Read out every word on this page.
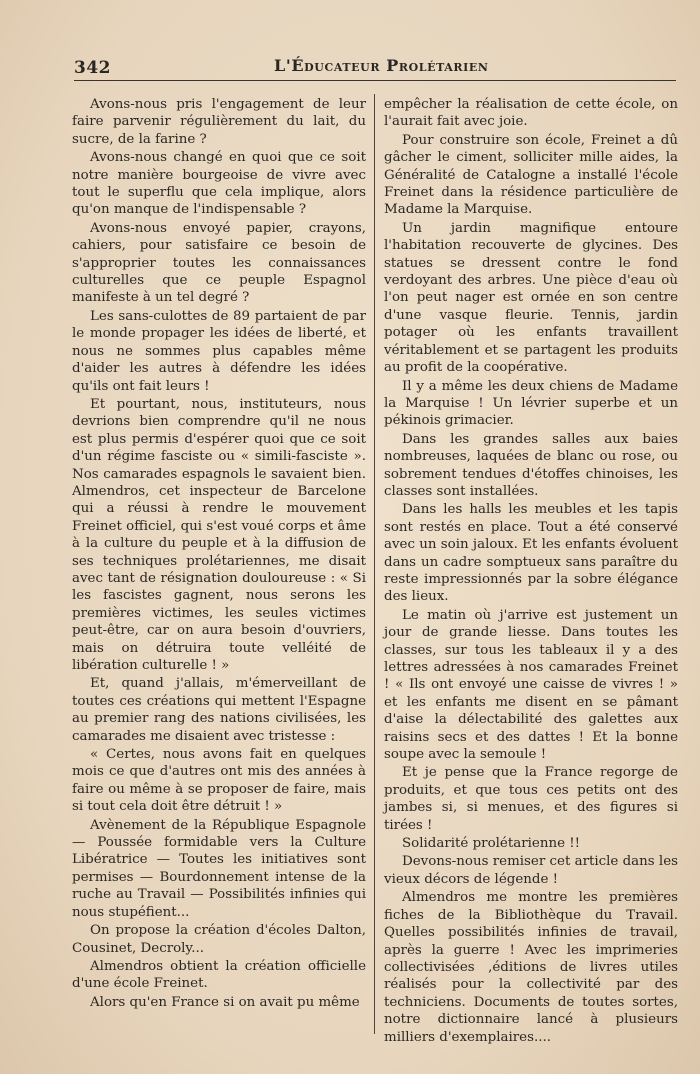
342	L'Éducateur Prolétarien

Avons-nous pris l'engagement de leur faire parvenir régulièrement du lait, du sucre, de la farine ?

Avons-nous changé en quoi que ce soit notre manière bourgeoise de vivre avec tout le superflu que cela implique, alors qu'on manque de l'indispensable ?

Avons-nous envoyé papier, crayons, cahiers, pour satisfaire ce besoin de s'approprier toutes les connaissances culturelles que ce peuple Espagnol manifeste à un tel degré ?

Les sans-culottes de 89 partaient de par le monde propager les idées de liberté, et nous ne sommes plus capables même d'aider les autres à défendre les idées qu'ils ont fait leurs !

Et pourtant, nous, instituteurs, nous devrions bien comprendre qu'il ne nous est plus permis d'espérer quoi que ce soit d'un régime fasciste ou « simili-fasciste ». Nos camarades espagnols le savaient bien. Almendros, cet inspecteur de Barcelone qui a réussi à rendre le mouvement Freinet officiel, qui s'est voué corps et âme à la culture du peuple et à la diffusion de ses techniques prolétariennes, me disait avec tant de résignation douloureuse : « Si les fascistes gagnent, nous serons les premières victimes, les seules victimes peut-être, car on aura besoin d'ouvriers, mais on détruira toute velléité de libération culturelle ! »

Et, quand j'allais, m'émerveillant de toutes ces créations qui mettent l'Espagne au premier rang des nations civilisées, les camarades me disaient avec tristesse :

« Certes, nous avons fait en quelques mois ce que d'autres ont mis des années à faire ou même à se proposer de faire, mais si tout cela doit être détruit ! »

Avènement de la République Espagnole — Poussée formidable vers la Culture Libératrice — Toutes les initiatives sont permises — Bourdonnement intense de la ruche au Travail — Possibilités infinies qui nous stupéfient...

On propose la création d'écoles Dalton, Cousinet, Decroly...

Almendros obtient la création officielle d'une école Freinet.

Alors qu'en France si on avait pu même

empêcher la réalisation de cette école, on l'aurait fait avec joie.

Pour construire son école, Freinet a dû gâcher le ciment, solliciter mille aides, la Généralité de Catalogne a installé l'école Freinet dans la résidence particulière de Madame la Marquise.

Un jardin magnifique entoure l'habitation recouverte de glycines. Des statues se dressent contre le fond verdoyant des arbres. Une pièce d'eau où l'on peut nager est ornée en son centre d'une vasque fleurie. Tennis, jardin potager où les enfants travaillent véritablement et se partagent les produits au profit de la coopérative.

Il y a même les deux chiens de Madame la Marquise ! Un lévrier superbe et un pékinois grimacier.

Dans les grandes salles aux baies nombreuses, laquées de blanc ou rose, ou sobrement tendues d'étoffes chinoises, les classes sont installées.

Dans les halls les meubles et les tapis sont restés en place. Tout a été conservé avec un soin jaloux. Et les enfants évoluent dans un cadre somptueux sans paraître du reste impressionnés par la sobre élégance des lieux.

Le matin où j'arrive est justement un jour de grande liesse. Dans toutes les classes, sur tous les tableaux il y a des lettres adressées à nos camarades Freinet ! « Ils ont envoyé une caisse de vivres ! » et les enfants me disent en se pâmant d'aise la délectabilité des galettes aux raisins secs et des dattes ! Et la bonne soupe avec la semoule !

Et je pense que la France regorge de produits, et que tous ces petits ont des jambes si, si menues, et des figures si tirées !

Solidarité prolétarienne !!

Devons-nous remiser cet article dans les vieux décors de légende !

Almendros me montre les premières fiches de la Bibliothèque du Travail. Quelles possibilités infinies de travail, après la guerre ! Avec les imprimeries collectivisées ,éditions de livres utiles réalisés pour la collectivité par des techniciens. Documents de toutes sortes, notre dictionnaire lancé à plusieurs milliers d'exemplaires....
